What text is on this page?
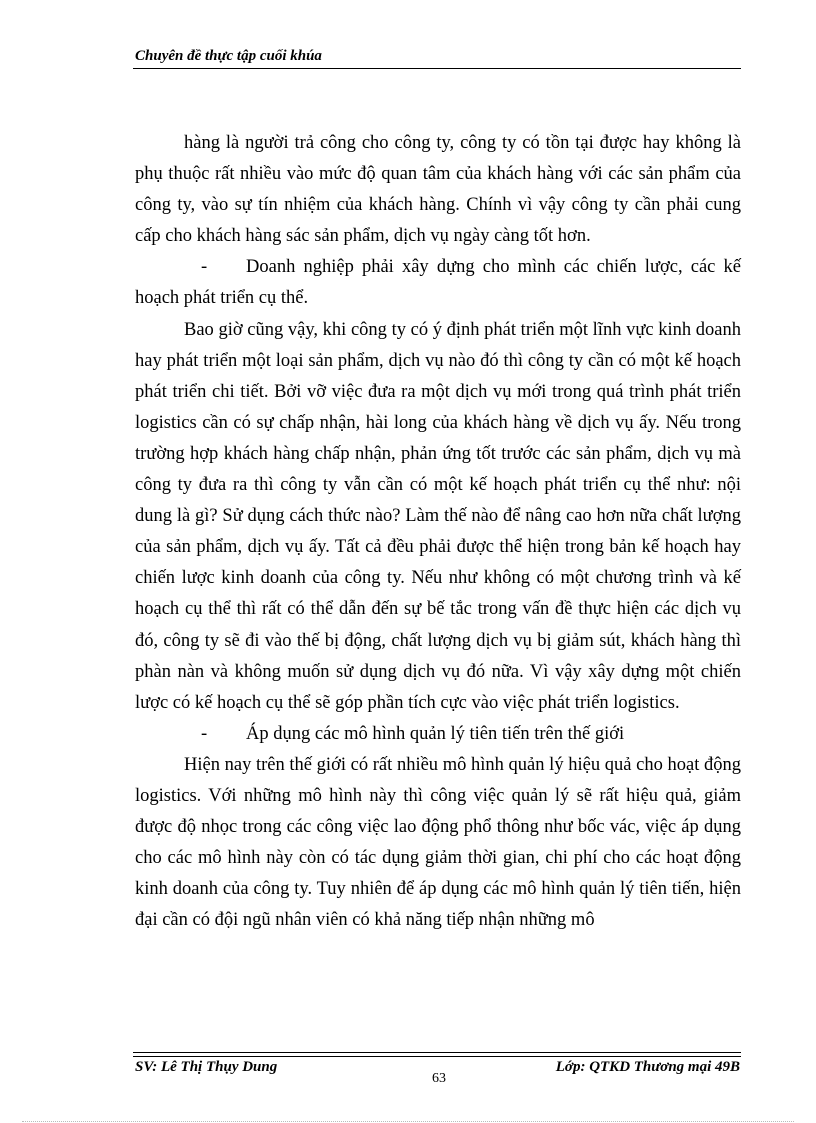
Chuyên đề thực tập cuối khúa

hàng là người trả công cho công ty, công ty có tồn tại được hay không là phụ thuộc rất nhiều vào mức độ quan tâm của khách hàng với các sản phẩm của công ty, vào sự tín nhiệm của khách hàng. Chính vì vậy công ty cần phải cung cấp cho khách hàng sác sản phẩm, dịch vụ ngày càng tốt hơn.

- Doanh nghiệp phải xây dựng cho mình các chiến lược, các kế hoạch phát triển cụ thể.

Bao giờ cũng vậy, khi công ty có ý định phát triển một lĩnh vực kinh doanh hay phát triển một loại sản phẩm, dịch vụ nào đó thì công ty cần có một kế hoạch phát triển chi tiết. Bởi vỡ việc đưa ra một dịch vụ mới trong quá trình phát triển logistics cần có sự chấp nhận, hài long của khách hàng về dịch vụ ấy. Nếu trong trường hợp khách hàng chấp nhận, phản ứng tốt trước các sản phẩm, dịch vụ mà công ty đưa ra thì công ty vẫn cần có một kế hoạch phát triển cụ thể như: nội dung là gì? Sử dụng cách thức nào? Làm thế nào để nâng cao hơn nữa chất lượng của sản phẩm, dịch vụ ấy. Tất cả đều phải được thể hiện trong bản kế hoạch hay chiến lược kinh doanh của công ty. Nếu như không có một chương trình và kế hoạch cụ thể thì rất có thể dẫn đến sự bế tắc trong vấn đề thực hiện các dịch vụ đó, công ty sẽ đi vào thế bị động, chất lượng dịch vụ bị giảm sút, khách hàng thì phàn nàn và không muốn sử dụng dịch vụ đó nữa. Vì vậy xây dựng một chiến lược có kế hoạch cụ thể sẽ góp phần tích cực vào việc phát triển logistics.

- Áp dụng các mô hình quản lý tiên tiến trên thế giới

Hiện nay trên thế giới có rất nhiều mô hình quản lý hiệu quả cho hoạt động logistics. Với những mô hình này thì công việc quản lý sẽ rất hiệu quả, giảm được độ nhọc trong các công việc lao động phổ thông như bốc vác, việc áp dụng cho các mô hình này còn có tác dụng giảm thời gian, chi phí cho các hoạt động kinh doanh của công ty. Tuy nhiên để áp dụng các mô hình quản lý tiên tiến, hiện đại cần có đội ngũ nhân viên có khả năng tiếp nhận những mô

SV: Lê Thị Thụy Dung	Lớp: QTKD Thương mại 49B
63
